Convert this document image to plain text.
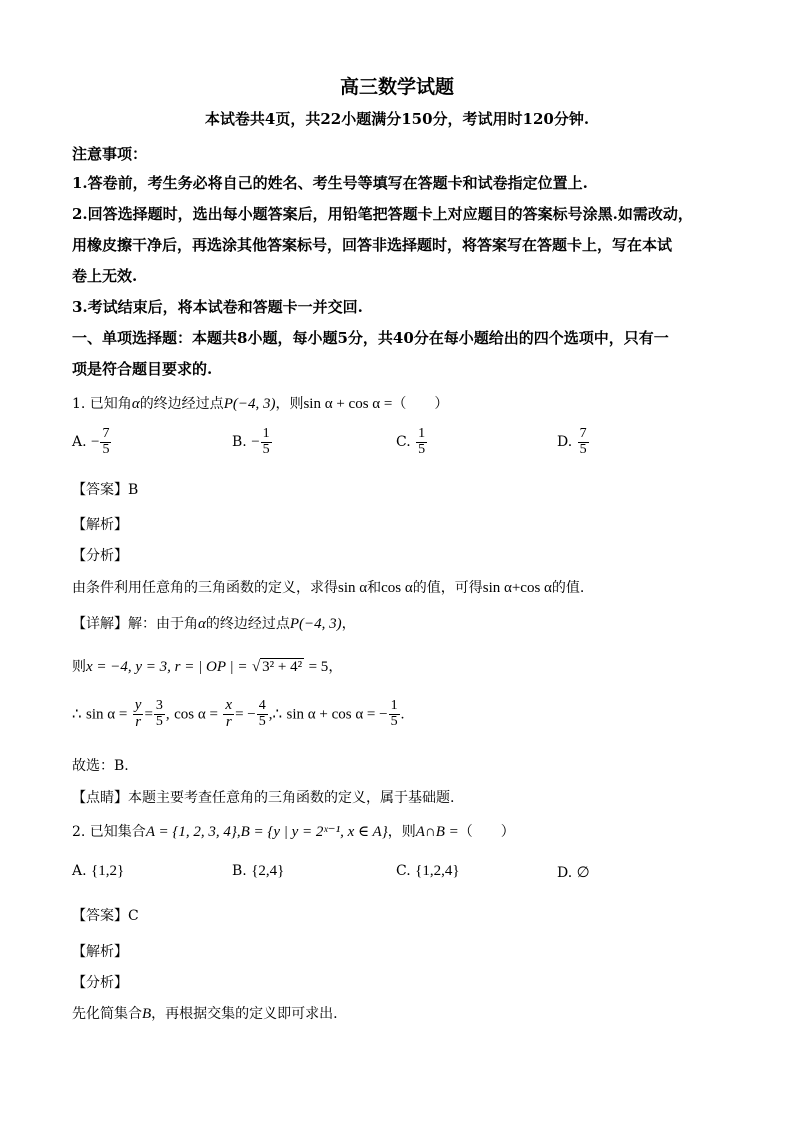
高三数学试题
本试卷共4页，共22小题满分150分，考试用时120分钟.
注意事项：
1.答卷前，考生务必将自己的姓名、考生号等填写在答题卡和试卷指定位置上.
2.回答选择题时，选出每小题答案后，用铅笔把答题卡上对应题目的答案标号涂黑.如需改动，
用橡皮擦干净后，再选涂其他答案标号，回答非选择题时，将答案写在答题卡上，写在本试
卷上无效.
3.考试结束后，将本试卷和答题卡一并交回.
一、单项选择题：本题共8小题，每小题5分，共40分在每小题给出的四个选项中，只有一
项是符合题目要求的.
1. 已知角α的终边经过点P(−4, 3)，则sin α + cos α =（　　）
A. − $\frac{7}{5}$	B. − $\frac{1}{5}$	C. $\frac{1}{5}$	D. $\frac{7}{5}$
【答案】B
【解析】
【分析】
由条件利用任意角的三角函数的定义，求得sin α和cos α的值，可得sin α+cos α的值.
【详解】解：由于角α的终边经过点P(−4, 3)，
则x = −4, y = 3, r = | OP | = √ 3² + 4² = 5，
∴ $\sin \alpha = \frac{y}{r} = \frac{3}{5}$ , $\cos \alpha = \frac{x}{r}$ = − $\frac{4}{5}$ ,∴ sin α + cos α = − $\frac{1}{5}$ .
故选：B.
【点睛】本题主要考查任意角的三角函数的定义，属于基础题.
2. 已知集合A = {1, 2, 3, 4},B = {y | y = 2ˣ⁻¹, x ∈ A}，则A∩B =（　　）
A. {1,2}	B. {2,4}	C. {1,2,4}	D. ∅
【答案】C
【解析】
【分析】
先化简集合B，再根据交集的定义即可求出.
